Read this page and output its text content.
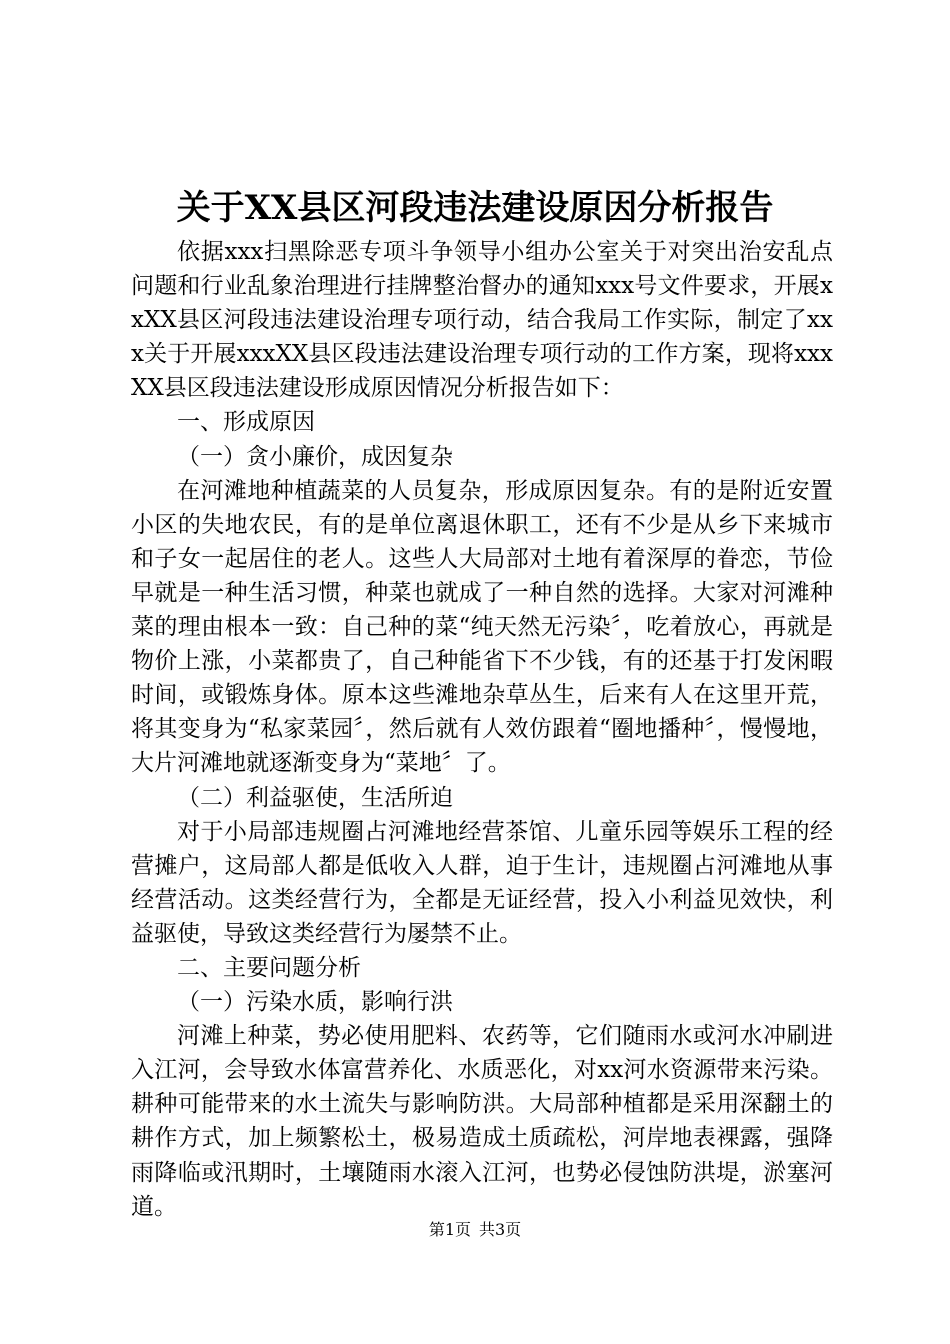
关于XX县区河段违法建设原因分析报告

依据xxx扫黑除恶专项斗争领导小组办公室关于对突出治安乱点问题和行业乱象治理进行挂牌整治督办的通知xxx号文件要求，开展xxXX县区河段违法建设治理专项行动，结合我局工作实际，制定了xxx关于开展xxxXX县区段违法建设治理专项行动的工作方案，现将xxxXX县区段违法建设形成原因情况分析报告如下：

一、形成原因

（一）贪小廉价，成因复杂

在河滩地种植蔬菜的人员复杂，形成原因复杂。有的是附近安置小区的失地农民，有的是单位离退休职工，还有不少是从乡下来城市和子女一起居住的老人。这些人大局部对土地有着深厚的眷恋，节俭早就是一种生活习惯，种菜也就成了一种自然的选择。大家对河滩种菜的理由根本一致：自己种的菜“纯天然无污染〞，吃着放心，再就是物价上涨，小菜都贵了，自己种能省下不少钱，有的还基于打发闲暇时间，或锻炼身体。原本这些滩地杂草丛生，后来有人在这里开荒，将其变身为“私家菜园〞，然后就有人效仿跟着“圈地播种〞，慢慢地，大片河滩地就逐渐变身为“菜地〞了。

（二）利益驱使，生活所迫

对于小局部违规圈占河滩地经营茶馆、儿童乐园等娱乐工程的经营摊户，这局部人都是低收入人群，迫于生计，违规圈占河滩地从事经营活动。这类经营行为，全都是无证经营，投入小利益见效快，利益驱使，导致这类经营行为屡禁不止。

二、主要问题分析

（一）污染水质，影响行洪

河滩上种菜，势必使用肥料、农药等，它们随雨水或河水冲刷进入江河，会导致水体富营养化、水质恶化，对xx河水资源带来污染。耕种可能带来的水土流失与影响防洪。大局部种植都是采用深翻土的耕作方式，加上频繁松土，极易造成土质疏松，河岸地表裸露，强降雨降临或汛期时，土壤随雨水滚入江河，也势必侵蚀防洪堤，淤塞河道。

第1页 共3页
